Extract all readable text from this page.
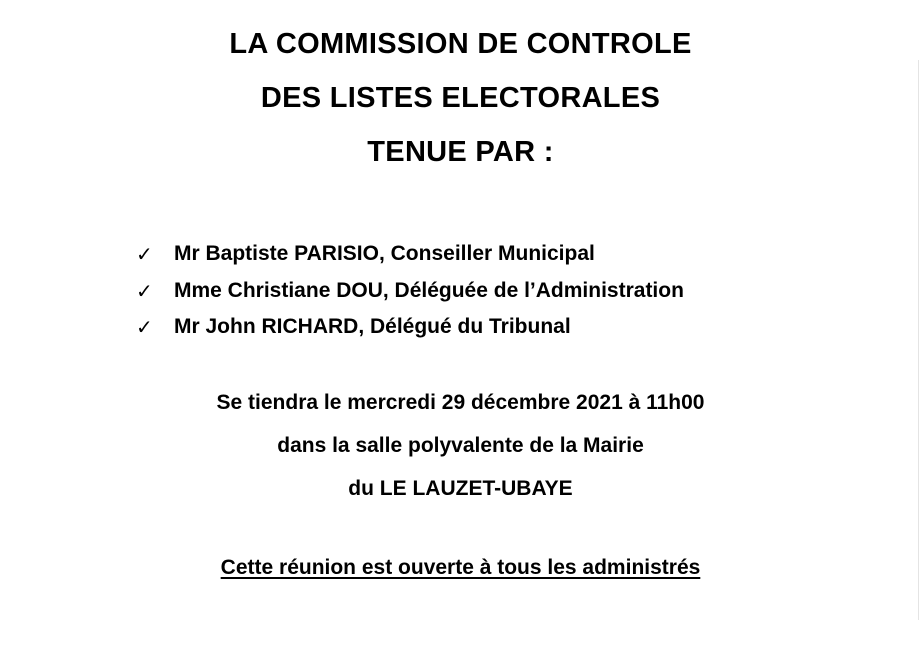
LA COMMISSION DE CONTROLE
DES LISTES ELECTORALES
TENUE PAR :
✓	Mr Baptiste PARISIO, Conseiller Municipal
✓	Mme Christiane DOU, Déléguée de l’Administration
✓	Mr John RICHARD, Délégué du Tribunal
Se tiendra le mercredi 29 décembre 2021 à 11h00
dans la salle polyvalente de la Mairie
du LE LAUZET-UBAYE
Cette réunion est ouverte à tous les administrés
